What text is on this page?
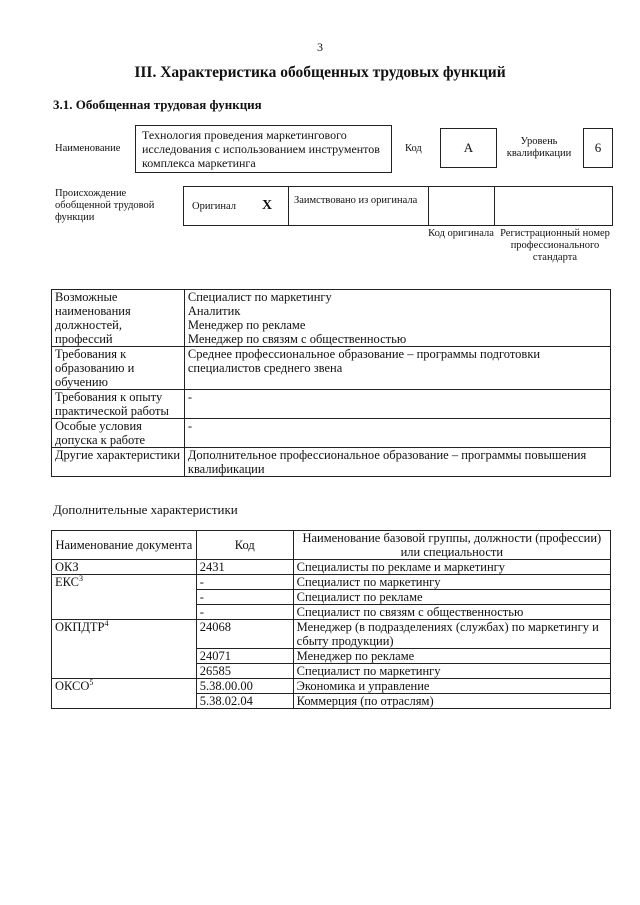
3
III. Характеристика обобщенных трудовых функций
3.1. Обобщенная трудовая функция
Наименование
Технология проведения маркетингового исследования с использованием инструментов комплекса маркетинга
Код	А	Уровень квалификации	6
Происхождение обобщенной трудовой функции
Оригинал X Заимствовано из оригинала
Код оригинала Регистрационный номер профессионального стандарта
Возможные наименования должностей, профессий	Специалист по маркетингу
Аналитик
Менеджер по рекламе
Менеджер по связям с общественностью

Требования к образованию и обучению	Среднее профессиональное образование – программы подготовки специалистов среднего звена

Требования к опыту практической работы	-

Особые условия допуска к работе	-

Другие характеристики	Дополнительное профессиональное образование – программы повышения квалификации
Дополнительные характеристики
Наименование документа	Код	Наименование базовой группы, должности (профессии) или специальности
ОКЗ	2431	Специалисты по рекламе и маркетингу
ЕКС$^3$	-	Специалист по маркетингу
	-	Специалист по рекламе
	-	Специалист по связям с общественностью
ОКПДТР$^4$	24068	Менеджер (в подразделениях (службах) по маркетингу и сбыту продукции)
	24071	Менеджер по рекламе
	26585	Специалист по маркетингу
ОКСО$^5$	5.38.00.00	Экономика и управление
	5.38.02.04	Коммерция (по отраслям)
